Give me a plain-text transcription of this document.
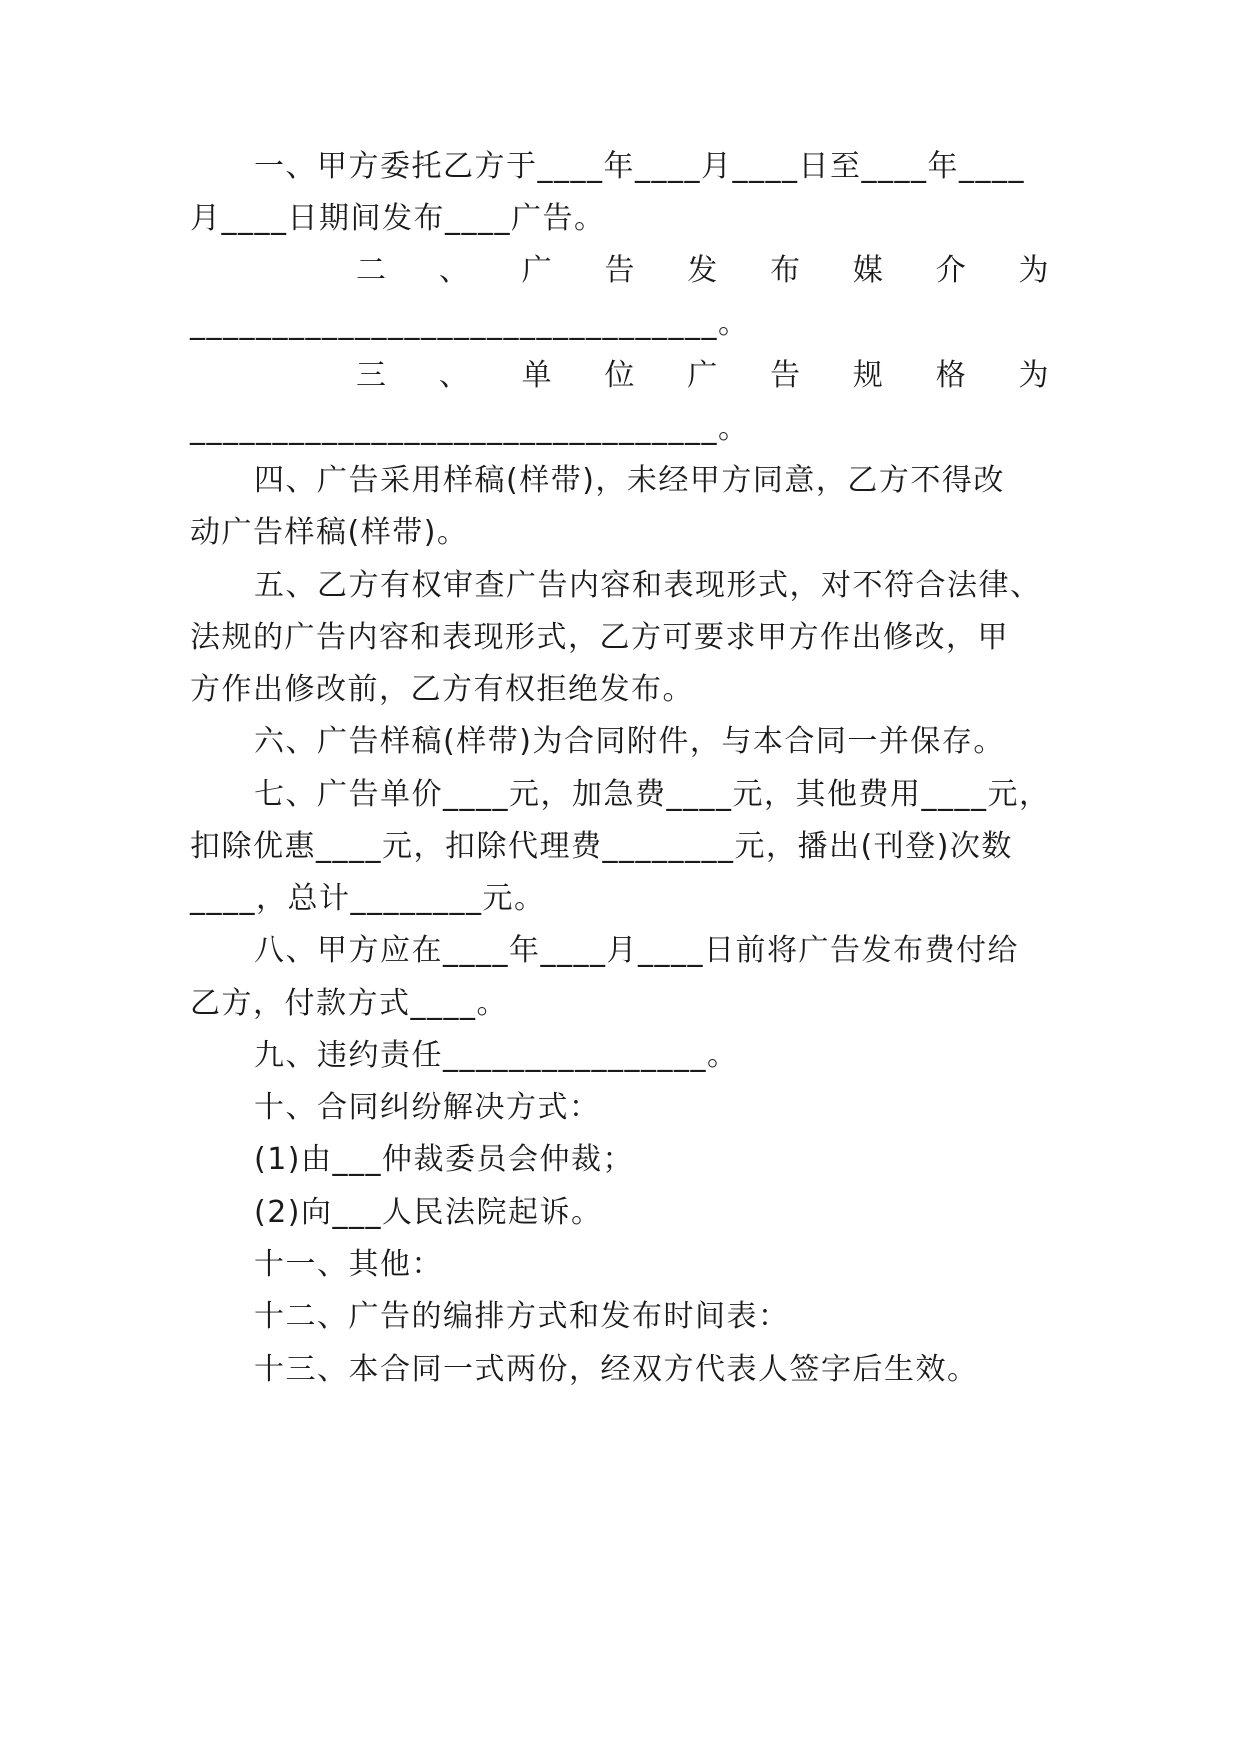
一、甲方委托乙方于____年____月____日至____年____
月____日期间发布____广告。
二 、 广 告 发 布 媒 介 为
________________________________。
三 、 单 位 广 告 规 格 为
________________________________。
四、广告采用样稿(样带)，未经甲方同意，乙方不得改
动广告样稿(样带)。
五、乙方有权审查广告内容和表现形式，对不符合法律、
法规的广告内容和表现形式，乙方可要求甲方作出修改，甲
方作出修改前，乙方有权拒绝发布。
六、广告样稿(样带)为合同附件，与本合同一并保存。
七、广告单价____元，加急费____元，其他费用____元，
扣除优惠____元，扣除代理费________元，播出(刊登)次数
____，总计________元。
八、甲方应在____年____月____日前将广告发布费付给
乙方，付款方式____。
九、违约责任________________。
十、合同纠纷解决方式：
(1)由___仲裁委员会仲裁；
(2)向___人民法院起诉。
十一、其他：
十二、广告的编排方式和发布时间表：
十三、本合同一式两份，经双方代表人签字后生效。
